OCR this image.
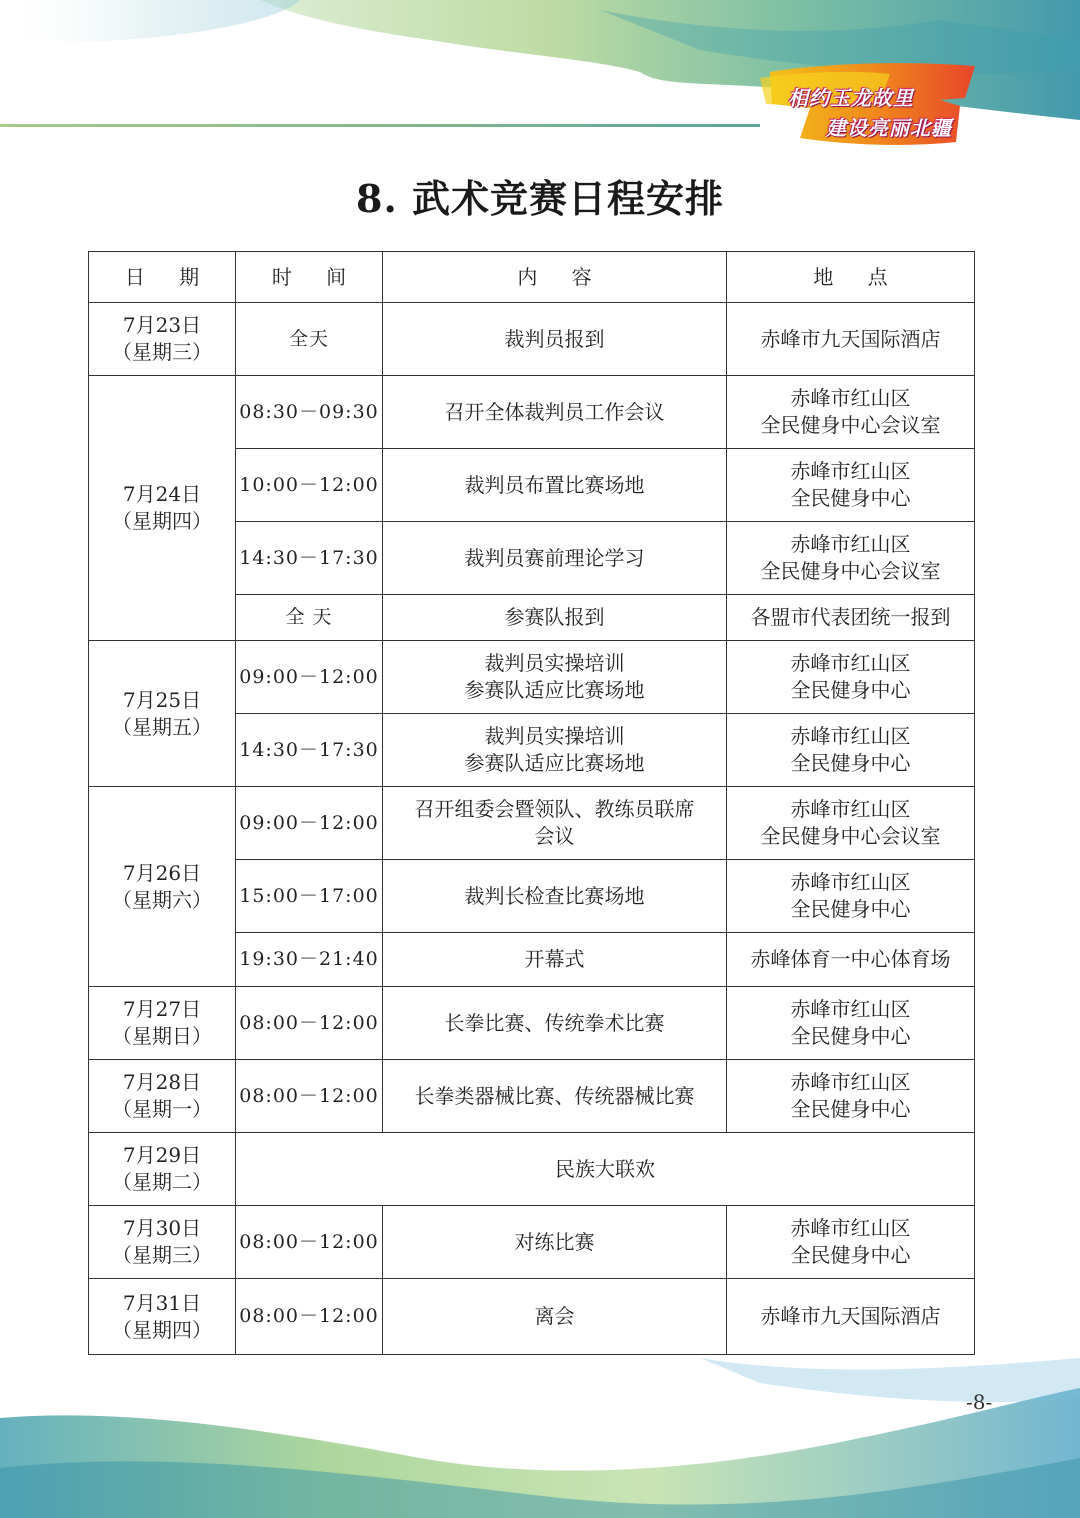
相约玉龙故里
建设亮丽北疆
8. 武术竞赛日程安排
日 期	时 间	内 容	地 点
7月23日
（星期三）	全天	裁判员报到	赤峰市九天国际酒店
7月24日
（星期四）	08:30－09:30	召开全体裁判员工作会议	赤峰市红山区
全民健身中心会议室
	10:00－12:00	裁判员布置比赛场地	赤峰市红山区
全民健身中心
	14:30－17:30	裁判员赛前理论学习	赤峰市红山区
全民健身中心会议室
	全 天	参赛队报到	各盟市代表团统一报到
7月25日
（星期五）	09:00－12:00	裁判员实操培训
参赛队适应比赛场地	赤峰市红山区
全民健身中心
	14:30－17:30	裁判员实操培训
参赛队适应比赛场地	赤峰市红山区
全民健身中心
7月26日
（星期六）	09:00－12:00	召开组委会暨领队、教练员联席
会议	赤峰市红山区
全民健身中心会议室
	15:00－17:00	裁判长检查比赛场地	赤峰市红山区
全民健身中心
	19:30－21:40	开幕式	赤峰体育一中心体育场
7月27日
（星期日）	08:00－12:00	长拳比赛、传统拳术比赛	赤峰市红山区
全民健身中心
7月28日
（星期一）	08:00－12:00	长拳类器械比赛、传统器械比赛	赤峰市红山区
全民健身中心
7月29日
（星期二）	民族大联欢		
7月30日
（星期三）	08:00－12:00	对练比赛	赤峰市红山区
全民健身中心
7月31日
（星期四）	08:00－12:00	离会	赤峰市九天国际酒店
-8-
